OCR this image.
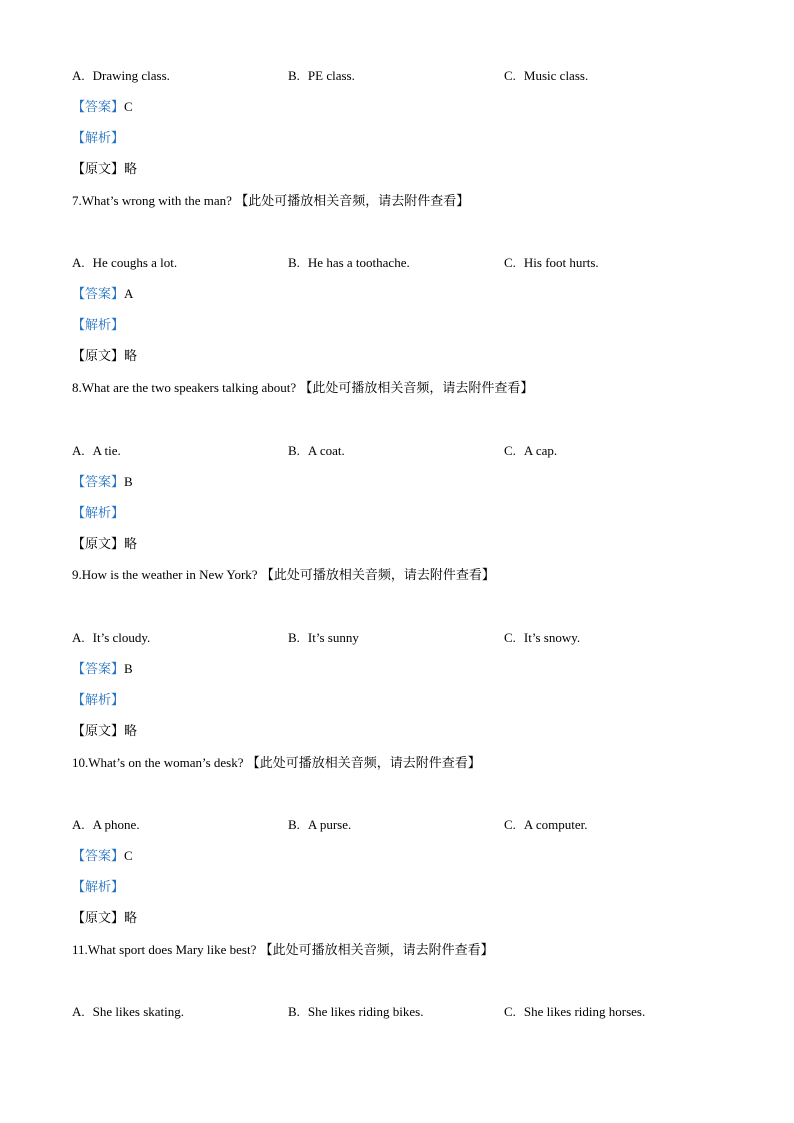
A. Drawing class.	B. PE class.	C. Music class.
【答案】C
【解析】
【原文】略
7.What’s wrong with the man? 【此处可播放相关音频，请去附件查看】
A. He coughs a lot.	B. He has a toothache.	C. His foot hurts.
【答案】A
【解析】
【原文】略
8.What are the two speakers talking about? 【此处可播放相关音频，请去附件查看】
A. A tie.	B. A coat.	C. A cap.
【答案】B
【解析】
【原文】略
9.How is the weather in New York? 【此处可播放相关音频，请去附件查看】
A. It’s cloudy.	B. It’s sunny	C. It’s snowy.
【答案】B
【解析】
【原文】略
10.What’s on the woman’s desk? 【此处可播放相关音频，请去附件查看】
A. A phone.	B. A purse.	C. A computer.
【答案】C
【解析】
【原文】略
11.What sport does Mary like best? 【此处可播放相关音频，请去附件查看】
A. She likes skating.	B. She likes riding bikes.	C. She likes riding horses.
